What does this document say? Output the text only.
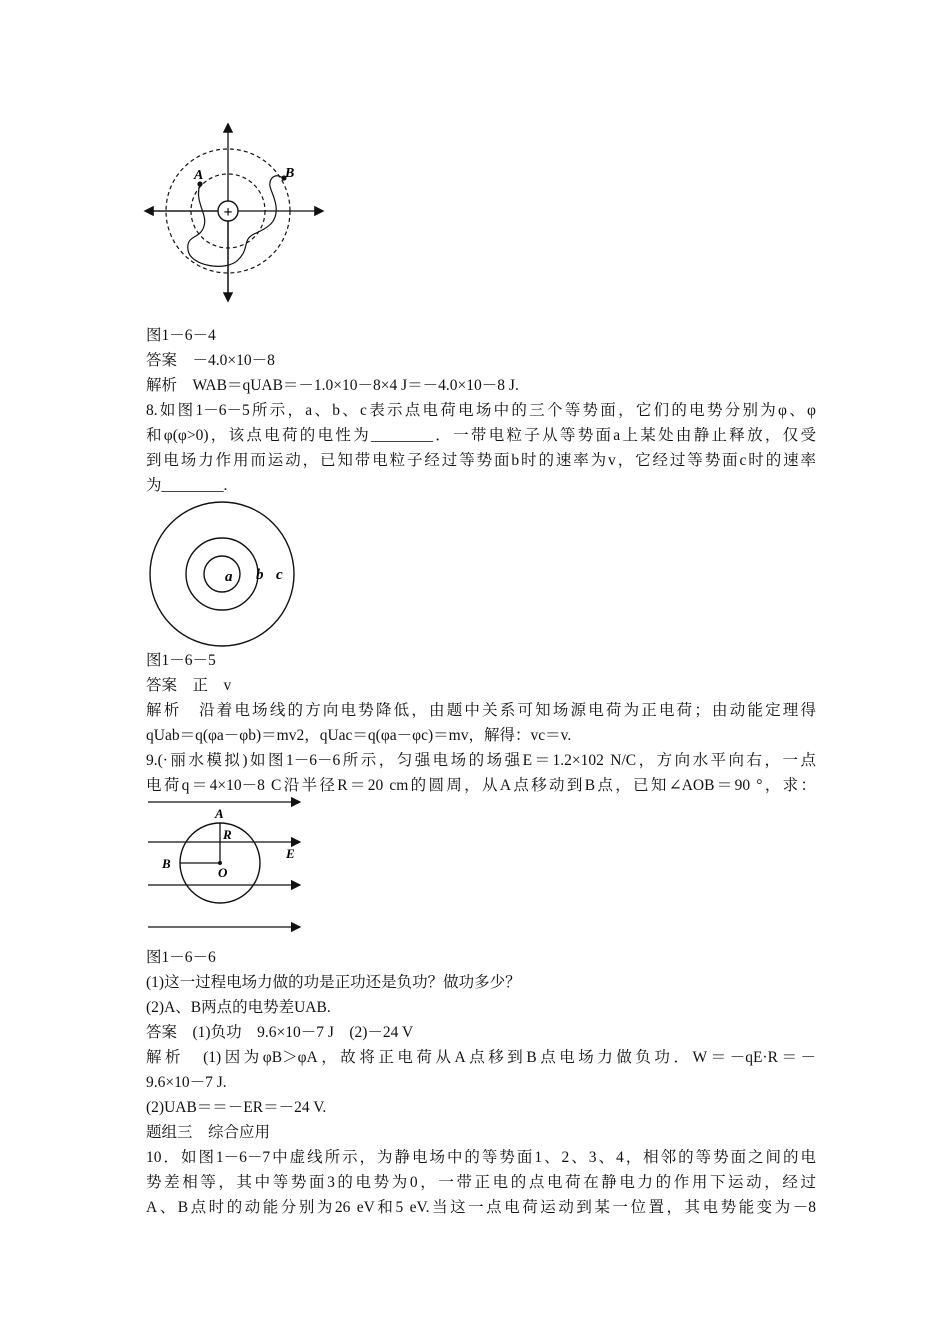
+
A	B
图1－6－4
答案　－4.0×10－8
解析　WAB＝qUAB＝－1.0×10－8×4 J＝－4.0×10－8 J.
8.如图1－6－5所示，a、b、c表示点电荷电场中的三个等势面，它们的电势分别为φ、φ
和φ(φ>0)，该点电荷的电性为________．一带电粒子从等势面a上某处由静止释放，仅受
到电场力作用而运动，已知带电粒子经过等势面b时的速率为v，它经过等势面c时的速率
为________.
a b c
图1－6－5
答案　正　v
解析　沿着电场线的方向电势降低，由题中关系可知场源电荷为正电荷；由动能定理得
qUab＝q(φa－φb)＝mv2，qUac＝q(φa－φc)＝mv，解得：vc＝v.
9.(·丽水模拟)如图1－6－6所示，匀强电场的场强E＝1.2×102 N/C，方向水平向右，一点
电荷q＝4×10－8 C沿半径R＝20 cm的圆周，从A点移动到B点，已知∠AOB＝90 °，求：
A
R
B
O
E
图1－6－6
(1)这一过程电场力做的功是正功还是负功？做功多少？
(2)A、B两点的电势差UAB.
答案　(1)负功　9.6×10－7 J　(2)－24 V
解析　(1)因为φB＞φA，故将正电荷从A点移到B点电场力做负功．W＝－qE·R＝－
9.6×10－7 J.
(2)UAB＝＝－ER＝－24 V.
题组三　综合应用
10．如图1－6－7中虚线所示，为静电场中的等势面1、2、3、4，相邻的等势面之间的电
势差相等，其中等势面3的电势为0，一带正电的点电荷在静电力的作用下运动，经过
A、B点时的动能分别为26 eV和5 eV.当这一点电荷运动到某一位置，其电势能变为－8
